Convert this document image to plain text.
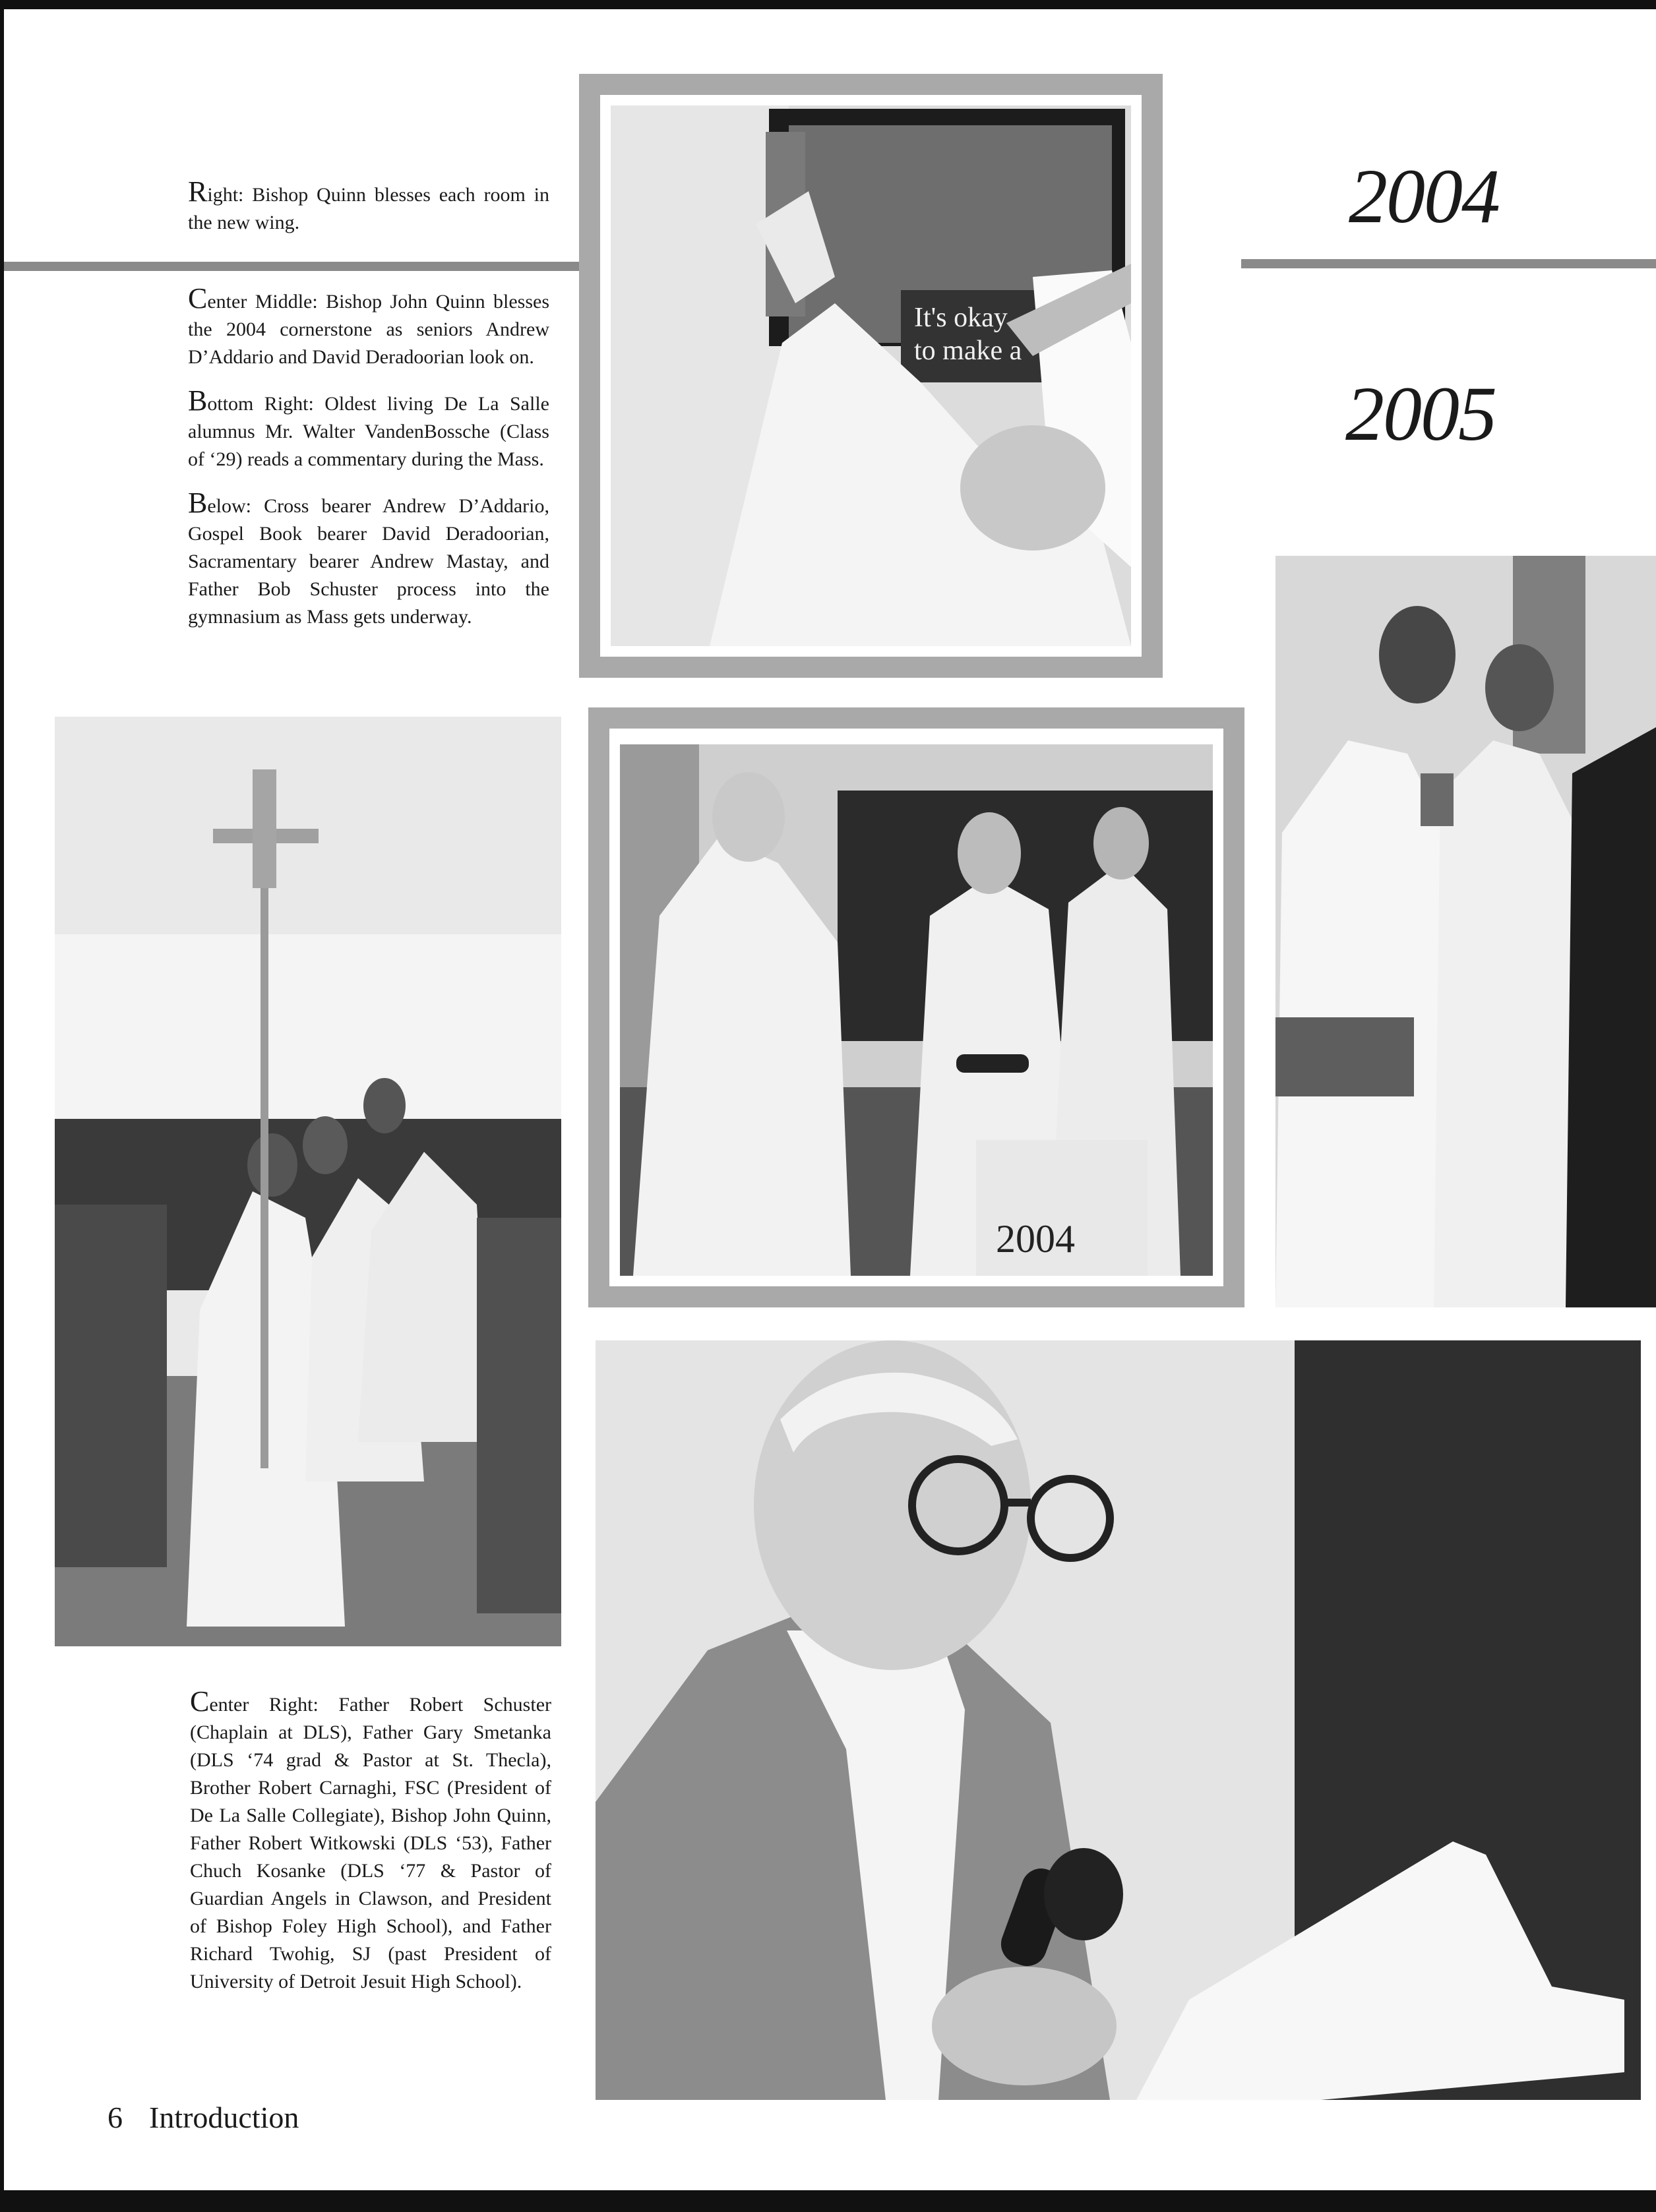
2004
2005

Right: Bishop Quinn blesses each room in the new wing.

Center Middle: Bishop John Quinn blesses the 2004 cornerstone as seniors Andrew D’Addario and David Deradoorian look on.

Bottom Right: Oldest living De La Salle alumnus Mr. Walter VandenBossche (Class of ‘29) reads a commentary during the Mass.

Below: Cross bearer Andrew D’Addario, Gospel Book bearer David Deradoorian, Sacramentary bearer Andrew Mastay, and Father Bob Schuster process into the gymnasium as Mass gets underway.

It's okay
to make a
2004

Center Right: Father Robert Schuster (Chaplain at DLS), Father Gary Smetanka (DLS ‘74 grad & Pastor at St. Thecla), Brother Robert Carnaghi, FSC (President of De La Salle Collegiate), Bishop John Quinn, Father Robert Witkowski (DLS ‘53), Father Chuch Kosanke (DLS ‘77 & Pastor of Guardian Angels in Clawson, and President of Bishop Foley High School), and Father Richard Twohig, SJ (past President of University of Detroit Jesuit High School).

6 Introduction
